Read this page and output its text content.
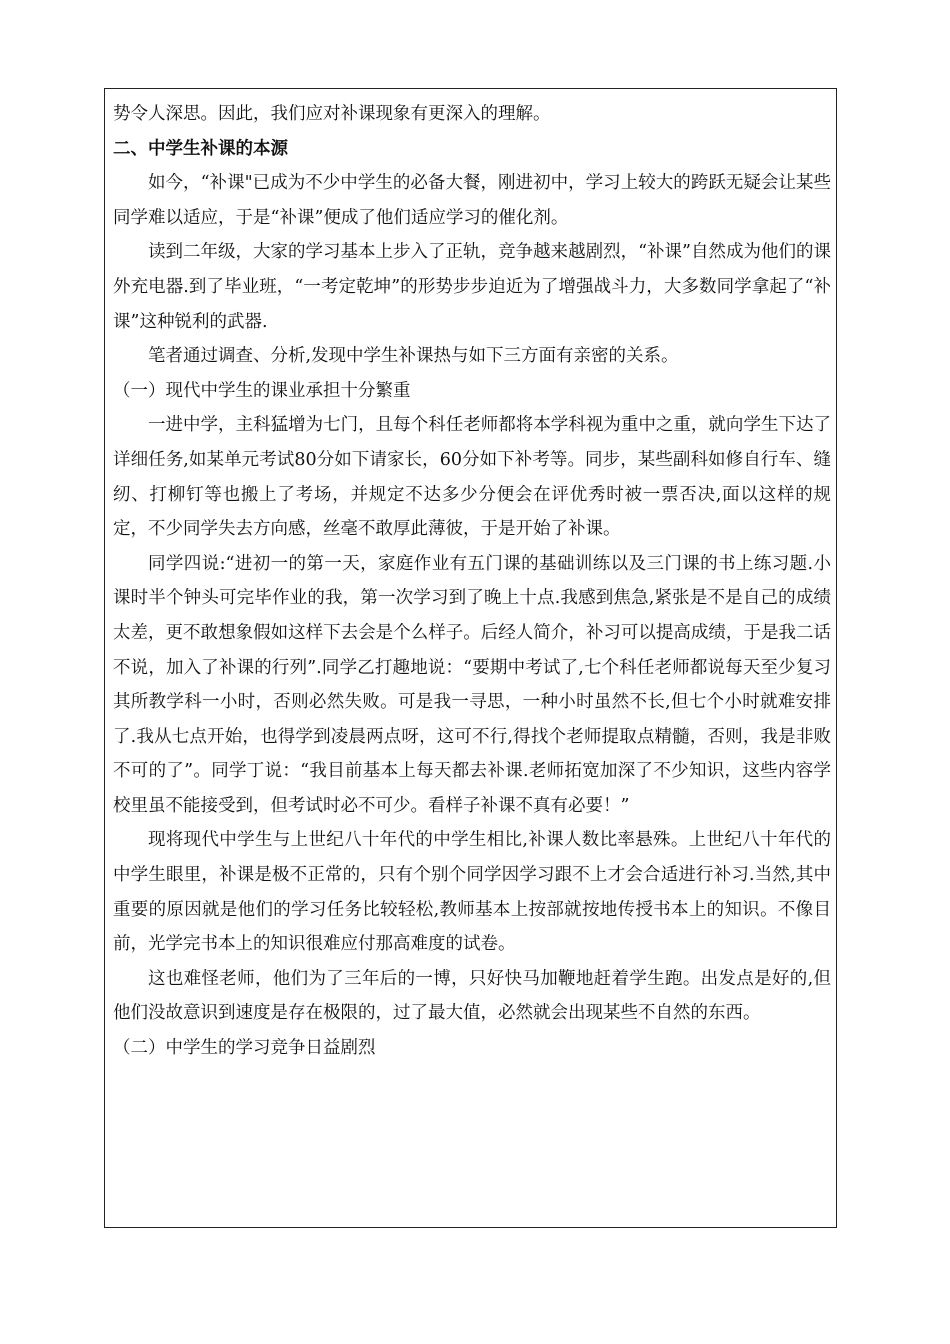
势令人深思。因此，我们应对补课现象有更深入的理解。

二、中学生补课的本源

如今，“补课"已成为不少中学生的必备大餐，刚进初中，学习上较大的跨跃无疑会让某些同学难以适应，于是“补课”便成了他们适应学习的催化剂。

读到二年级，大家的学习基本上步入了正轨，竞争越来越剧烈，“补课”自然成为他们的课外充电器.到了毕业班，“一考定乾坤”的形势步步迫近为了增强战斗力，大多数同学拿起了“补课”这种锐利的武器.

笔者通过调查、分析,发现中学生补课热与如下三方面有亲密的关系。

（一）现代中学生的课业承担十分繁重

一进中学，主科猛增为七门，且每个科任老师都将本学科视为重中之重，就向学生下达了详细任务,如某单元考试80分如下请家长，60分如下补考等。同步，某些副科如修自行车、缝纫、打柳钉等也搬上了考场，并规定不达多少分便会在评优秀时被一票否决,面以这样的规定，不少同学失去方向感，丝毫不敢厚此薄彼，于是开始了补课。

同学四说:“进初一的第一天，家庭作业有五门课的基础训练以及三门课的书上练习题.小课时半个钟头可完毕作业的我，第一次学习到了晚上十点.我感到焦急,紧张是不是自己的成绩太差，更不敢想象假如这样下去会是个么样子。后经人简介，补习可以提高成绩，于是我二话不说，加入了补课的行列”.同学乙打趣地说：“要期中考试了,七个科任老师都说每天至少复习其所教学科一小时，否则必然失败。可是我一寻思，一种小时虽然不长,但七个小时就难安排了.我从七点开始，也得学到凌晨两点呀，这可不行,得找个老师提取点精髓，否则，我是非败不可的了”。同学丁说：“我目前基本上每天都去补课.老师拓宽加深了不少知识，这些内容学校里虽不能接受到，但考试时必不可少。看样子补课不真有必要！”

现将现代中学生与上世纪八十年代的中学生相比,补课人数比率悬殊。上世纪八十年代的中学生眼里，补课是极不正常的，只有个别个同学因学习跟不上才会合适进行补习.当然,其中重要的原因就是他们的学习任务比较轻松,教师基本上按部就按地传授书本上的知识。不像目前，光学完书本上的知识很难应付那高难度的试卷。

这也难怪老师，他们为了三年后的一博，只好快马加鞭地赶着学生跑。出发点是好的,但他们没故意识到速度是存在极限的，过了最大值，必然就会出现某些不自然的东西。

（二）中学生的学习竞争日益剧烈
